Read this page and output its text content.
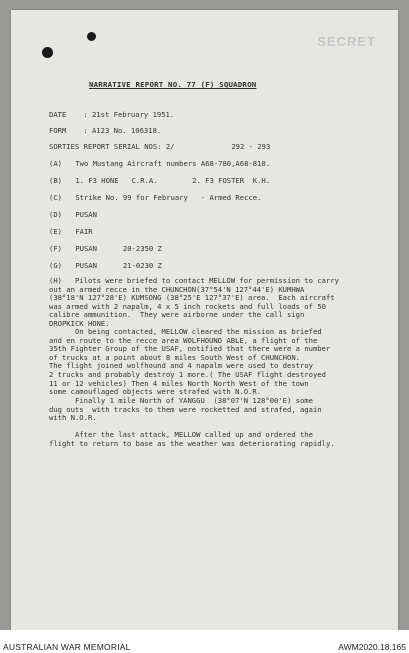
SECRET
NARRATIVE REPORT NO. 77 (F) SQUADRON
DATE : 21st February 1951.
FORM : A123 No. 106318.
SORTIES REPORT SERIAL NOS: 2/	292 - 293
(A) Two Mustang Aircraft numbers A68-780,A68-810.
(B) 1. F3 HONE   C.R.A.        2. F3 FOSTER  K.H.
(C) Strike No. 99 for February   - Armed Recce.
(D) PUSAN
(E) FAIR
(F) PUSAN      20-2350 Z
(G) PUSAN      21-0230 Z

(H)   Pilots were briefed to contact MELLOW for permission to carry
out an armed recce in the CHUNCHON(37°54'N 127°44'E) KUMHWA
(38°18'N 127°28'E) KUMSONG (38°25'E 127°37'E) area.  Each aircraft
was armed with 2 napalm, 4 x 5 inch rockets and full loads of 50
calibre ammunition.  They were airborne under the call sign
DROPKICK HONE.

On being contacted, MELLOW cleared the mission as briefed
and en route to the recce area WOLFHOUND ABLE, a flight of the
35th Fighter Group of the USAF, notified that there were a number
of trucks at a point about 8 miles South West of CHUNCHON.
The flight joined wolfhound and 4 napalm were used to destroy
2 trucks and probably destroy 1 more.( The USAF flight destroyed
11 or 12 vehicles) Then 4 miles North North West of the town
some camouflaged objects were strafed with N.O.R.

Finally 1 mile North of YANGGU  (38°07'N 128°00'E) some
dug outs  with tracks to them were rocketted and strafed, again
with N.O.R.

After the last attack, MELLOW called up and ordered the
flight to return to base as the weather was deteriorating rapidly.

AUSTRALIAN WAR MEMORIAL	AWM2020.18.165
